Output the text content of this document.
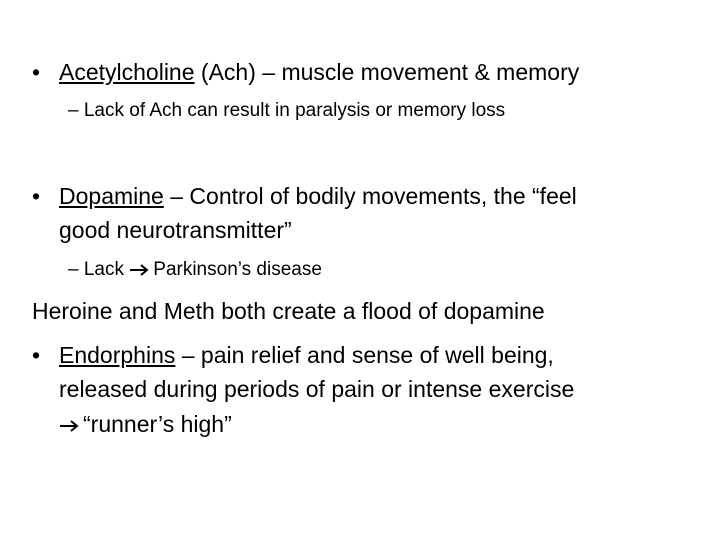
• Acetylcholine (Ach) – muscle movement & memory
– Lack of Ach can result in paralysis or memory loss
• Dopamine – Control of bodily movements, the “feel
good neurotransmitter”
– Lack Parkinson’s disease
Heroine and Meth both create a flood of dopamine
• Endorphins – pain relief and sense of well being,
released during periods of pain or intense exercise
“runner’s high”
